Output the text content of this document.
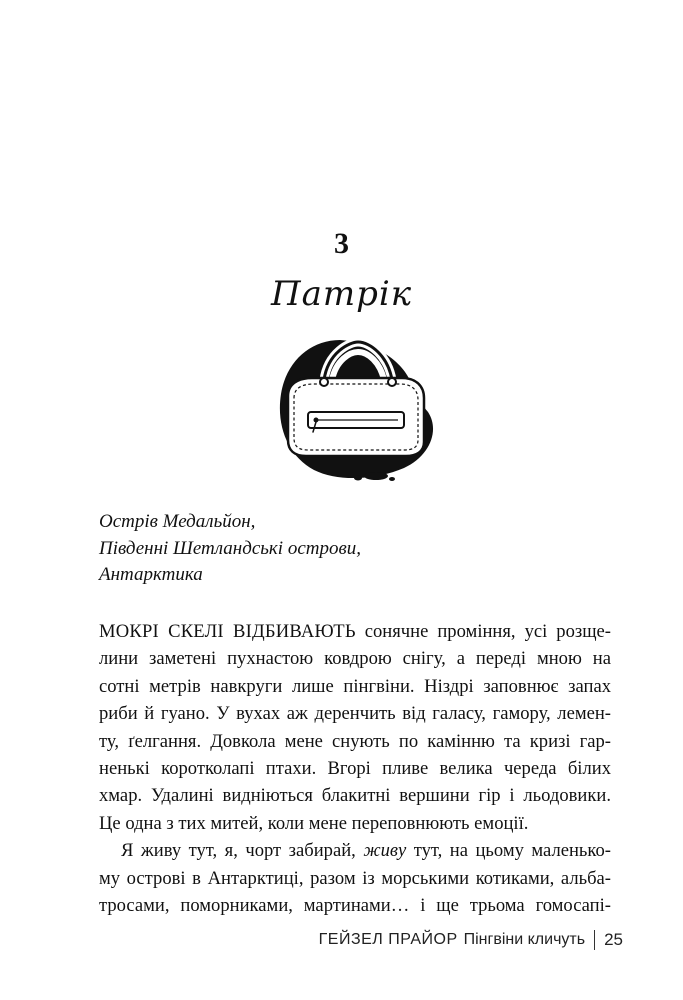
3
Патрік
Острів Медальйон,
Південні Шетландські острови,
Антарктика
МОКРІ СКЕЛІ ВІДБИВАЮТЬ сонячне проміння, усі розще-
лини заметені пухнастою ковдрою снігу, а переді мною на
сотні метрів навкруги лише пінгвіни. Ніздрі заповнює запах
риби й гуано. У вухах аж деренчить від галасу, гамору, лемен-
ту, ґелгання. Довкола мене снують по камінню та кризі гар-
ненькі коротколапі птахи. Вгорі пливе велика череда білих
хмар. Удалині видніються блакитні вершини гір і льодовики.
Це одна з тих митей, коли мене переповнюють емоції.
Я живу тут, я, чорт забирай, живу тут, на цьому маленько-
му острові в Антарктиці, разом із морськими котиками, альба-
тросами, поморниками, мартинами… і ще трьома гомосапі-
ГЕЙЗЕЛ ПРАЙОР Пінгвіни кличуть 25
